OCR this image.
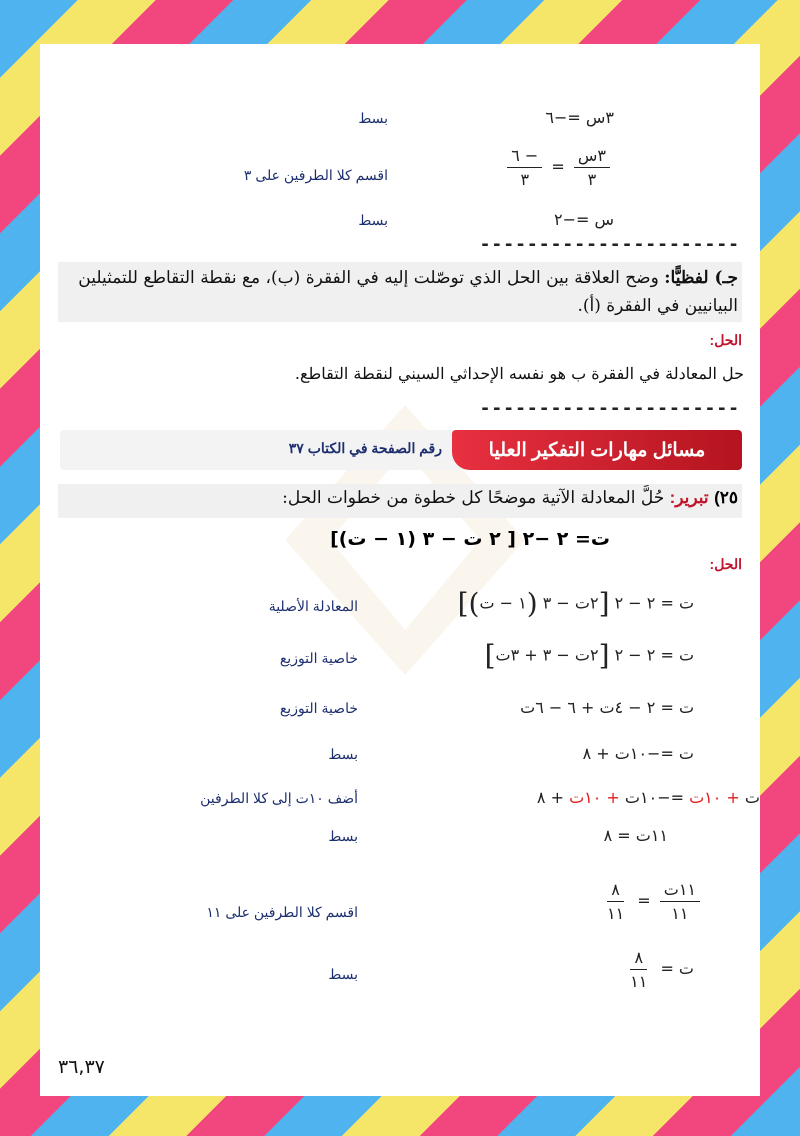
٣س =−٦
بسط
$\frac{\text{٣س}}{٣}$
=
$\frac{- ٦}{٣}$
اقسم كلا الطرفين على ٣
س =−٢
بسط
----------------------
جـ) لفظيًّا: وضح العلاقة بين الحل الذي توصّلت إليه في الفقرة (ب)، مع نقطة التقاطع للتمثيلين
البيانيين في الفقرة (أ).
الحل:
حل المعادلة في الفقرة ب هو نفسه الإحداثي السيني لنقطة التقاطع.
----------------------
مسائل مهارات التفكير العليا
رقم الصفحة في الكتاب ٣٧
٢٥) تبرير: حُلَّ المعادلة الآتية موضحًا كل خطوة من خطوات الحل:
ت= ٢ −٢ [ ٢ ت − ٣ (١ − ت)]
الحل:
ت = ٢ − ٢ [٢ت − ٣ (١ − ت)]
المعادلة الأصلية
ت = ٢ − ٢ [٢ت − ٣ + ٣ت]
خاصية التوزيع
ت = ٢ − ٤ت + ٦ − ٦ت
خاصية التوزيع
ت =−١٠ت + ٨
بسط
ت + ١٠ت =−١٠ت + ١٠ت + ٨
أضف ١٠ت إلى كلا الطرفين
١١ت = ٨
بسط
$\frac{\text{١١ت}}{١١}$
=
$\frac{٨}{١١}$
اقسم كلا الطرفين على ١١
ت =
$\frac{٨}{١١}$
بسط
٣٦,٣٧
